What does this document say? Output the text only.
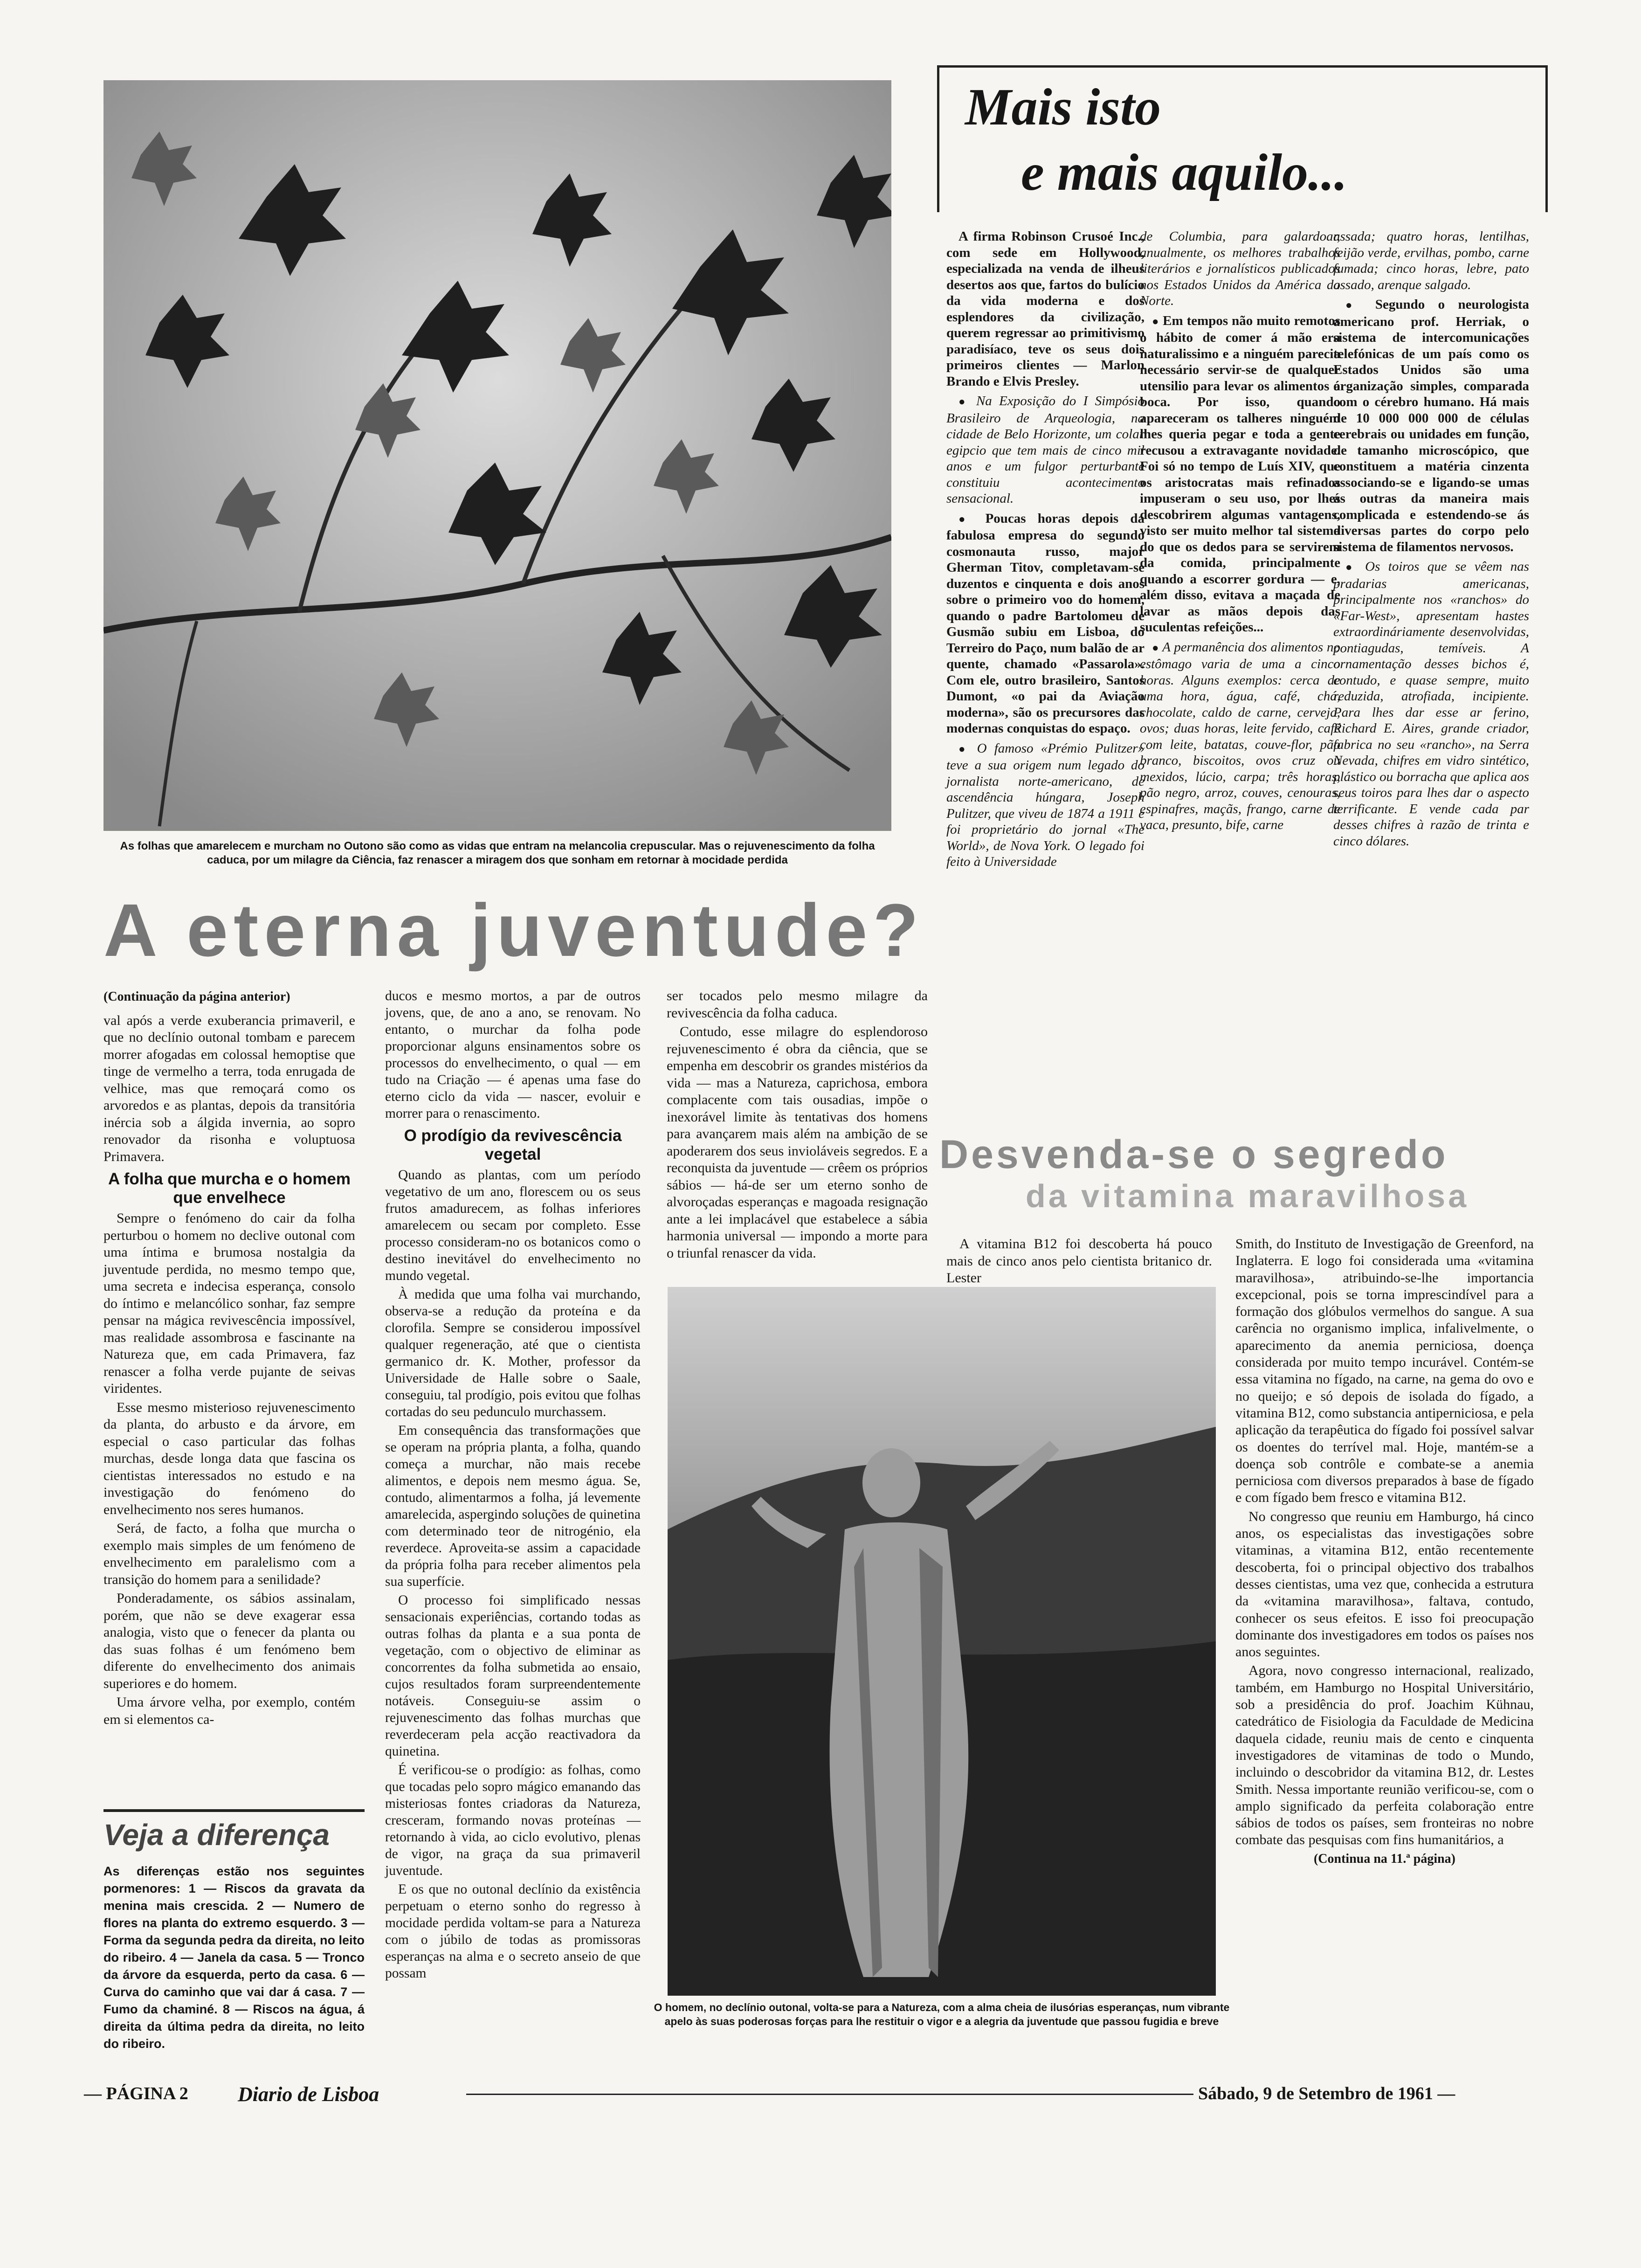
As folhas que amarelecem e murcham no Outono são como as vidas que entram na melancolia crepuscular. Mas o rejuvenescimento da folha caduca, por um milagre da Ciência, faz renascer a miragem dos que sonham em retornar à mocidade perdida
A eterna juventude?
(Continuação da página anterior)

val após a verde exuberancia primaveril, e que no declínio outonal tombam e parecem morrer afogadas em colossal hemoptise que tinge de vermelho a terra, toda enrugada de velhice, mas que remoçará como os arvoredos e as plantas, depois da transitória inércia sob a álgida invernia, ao sopro renovador da risonha e voluptuosa Primavera.

A folha que murcha e o homem que envelhece

Sempre o fenómeno do cair da folha perturbou o homem no declive outonal com uma íntima e brumosa nostalgia da juventude perdida, no mesmo tempo que, uma secreta e indecisa esperança, consolo do íntimo e melancólico sonhar, faz sempre pensar na mágica revivescência impossível, mas realidade assombrosa e fascinante na Natureza que, em cada Primavera, faz renascer a folha verde pujante de seivas viridentes.

Esse mesmo misterioso rejuvenescimento da planta, do arbusto e da árvore, em especial o caso particular das folhas murchas, desde longa data que fascina os cientistas interessados no estudo e na investigação do fenómeno do envelhecimento nos seres humanos.

Será, de facto, a folha que murcha o exemplo mais simples de um fenómeno de envelhecimento em paralelismo com a transição do homem para a senilidade?

Ponderadamente, os sábios assinalam, porém, que não se deve exagerar essa analogia, visto que o fenecer da planta ou das suas folhas é um fenómeno bem diferente do envelhecimento dos animais superiores e do homem.

Uma árvore velha, por exemplo, contém em si elementos ca-

ducos e mesmo mortos, a par de outros jovens, que, de ano a ano, se renovam. No entanto, o murchar da folha pode proporcionar alguns ensinamentos sobre os processos do envelhecimento, o qual — em tudo na Criação — é apenas uma fase do eterno ciclo da vida — nascer, evoluir e morrer para o renascimento.

O prodígio da revivescência vegetal

Quando as plantas, com um período vegetativo de um ano, florescem ou os seus frutos amadurecem, as folhas inferiores amarelecem ou secam por completo. Esse processo consideram-no os botanicos como o destino inevitável do envelhecimento no mundo vegetal.

À medida que uma folha vai murchando, observa-se a redução da proteína e da clorofila. Sempre se considerou impossível qualquer regeneração, até que o cientista germanico dr. K. Mother, professor da Universidade de Halle sobre o Saale, conseguiu, tal prodígio, pois evitou que folhas cortadas do seu pedunculo murchassem.

Em consequência das transformações que se operam na própria planta, a folha, quando começa a murchar, não mais recebe alimentos, e depois nem mesmo água. Se, contudo, alimentarmos a folha, já levemente amarelecida, aspergindo soluções de quinetina com determinado teor de nitrogénio, ela reverdece. Aproveita-se assim a capacidade da própria folha para receber alimentos pela sua superfície.

O processo foi simplificado nessas sensacionais experiências, cortando todas as outras folhas da planta e a sua ponta de vegetação, com o objectivo de eliminar as concorrentes da folha submetida ao ensaio, cujos resultados foram surpreendentemente notáveis. Conseguiu-se assim o rejuvenescimento das folhas murchas que reverdeceram pela acção reactivadora da quinetina.

É verificou-se o prodígio: as folhas, como que tocadas pelo sopro mágico emanando das misteriosas fontes criadoras da Natureza, cresceram, formando novas proteínas — retornando à vida, ao ciclo evolutivo, plenas de vigor, na graça da sua primaveril juventude.

E os que no outonal declínio da existência perpetuam o eterno sonho do regresso à mocidade perdida voltam-se para a Natureza com o júbilo de todas as promissoras esperanças na alma e o secreto anseio de que possam

ser tocados pelo mesmo milagre da revivescência da folha caduca.

Contudo, esse milagre do esplendoroso rejuvenescimento é obra da ciência, que se empenha em descobrir os grandes mistérios da vida — mas a Natureza, caprichosa, embora complacente com tais ousadias, impõe o inexorável limite às tentativas dos homens para avançarem mais além na ambição de se apoderarem dos seus invioláveis segredos. E a reconquista da juventude — crêem os próprios sábios — há-de ser um eterno sonho de alvoroçadas esperanças e magoada resignação ante a lei implacável que estabelece a sábia harmonia universal — impondo a morte para o triunfal renascer da vida.

Veja a diferença
As diferenças estão nos seguintes pormenores: 1 — Riscos da gravata da menina mais crescida. 2 — Numero de flores na planta do extremo esquerdo. 3 — Forma da segunda pedra da direita, no leito do ribeiro. 4 — Janela da casa. 5 — Tronco da árvore da esquerda, perto da casa. 6 — Curva do caminho que vai dar á casa. 7 — Fumo da chaminé. 8 — Riscos na água, á direita da última pedra da direita, no leito do ribeiro.
Mais isto
e mais aquilo...

A firma Robinson Crusoé Inc., com sede em Hollywood, especializada na venda de ilheus desertos aos que, fartos do bulício da vida moderna e dos esplendores da civilização, querem regressar ao primitivismo paradisíaco, teve os seus dois primeiros clientes — Marlon Brando e Elvis Presley.

● Na Exposição do I Simpósio Brasileiro de Arqueologia, na cidade de Belo Horizonte, um colar egipcio que tem mais de cinco mil anos e um fulgor perturbante constituiu acontecimento sensacional.

● Poucas horas depois da fabulosa empresa do segundo cosmonauta russo, major Gherman Titov, completavam-se duzentos e cinquenta e dois anos sobre o primeiro voo do homem, quando o padre Bartolomeu de Gusmão subiu em Lisboa, do Terreiro do Paço, num balão de ar quente, chamado «Passarola». Com ele, outro brasileiro, Santos Dumont, «o pai da Aviação moderna», são os precursores das modernas conquistas do espaço.

● O famoso «Prémio Pulitzer» teve a sua origem num legado do jornalista norte-americano, de ascendência húngara, Joseph Pulitzer, que viveu de 1874 a 1911 e foi proprietário do jornal «The World», de Nova York. O legado foi feito à Universidade

de Columbia, para galardoar, anualmente, os melhores trabalhos literários e jornalísticos publicados nos Estados Unidos da América do Norte.

● Em tempos não muito remotos o hábito de comer á mão era naturalissimo e a ninguém parecia necessário servir-se de qualquer utensilio para levar os alimentos á boca. Por isso, quando apareceram os talheres ninguém lhes queria pegar e toda a gente recusou a extravagante novidade. Foi só no tempo de Luís XIV, que os aristocratas mais refinados impuseram o seu uso, por lhes descobrirem algumas vantagens, visto ser muito melhor tal sistema do que os dedos para se servirem da comida, principalmente quando a escorrer gordura — e, além disso, evitava a maçada de lavar as mãos depois das suculentas refeições...

● A permanência dos alimentos no estômago varia de uma a cinco horas. Alguns exemplos: cerca de uma hora, água, café, chá, chocolate, caldo de carne, cerveja, ovos; duas horas, leite fervido, café com leite, batatas, couve-flor, pão branco, biscoitos, ovos cruz ou mexidos, lúcio, carpa; três horas, pão negro, arroz, couves, cenouras, espinafres, maçãs, frango, carne de vaca, presunto, bife, carne

assada; quatro horas, lentilhas, feijão verde, ervilhas, pombo, carne fumada; cinco horas, lebre, pato assado, arenque salgado.

● Segundo o neurologista americano prof. Herriak, o sistema de intercomunicações telefónicas de um país como os Estados Unidos são uma organização simples, comparada com o cérebro humano. Há mais de 10 000 000 000 de células cerebrais ou unidades em função, de tamanho microscópico, que constituem a matéria cinzenta associando-se e ligando-se umas ás outras da maneira mais complicada e estendendo-se ás diversas partes do corpo pelo sistema de filamentos nervosos.

● Os toiros que se vêem nas pradarias americanas, principalmente nos «ranchos» do «Far-West», apresentam hastes extraordináriamente desenvolvidas, pontiagudas, temíveis. A ornamentação desses bichos é, contudo, e quase sempre, muito reduzida, atrofiada, incipiente. Para lhes dar esse ar ferino, Richard E. Aires, grande criador, fabrica no seu «rancho», na Serra Nevada, chifres em vidro sintético, plástico ou borracha que aplica aos seus toiros para lhes dar o aspecto terrificante. E vende cada par desses chifres à razão de trinta e cinco dólares.

Desvenda-se o segredo
da vitamina maravilhosa

A vitamina B12 foi descoberta há pouco mais de cinco anos pelo cientista britanico dr. Lester

Smith, do Instituto de Investigação de Greenford, na Inglaterra. E logo foi considerada uma «vitamina maravilhosa», atribuindo-se-lhe importancia excepcional, pois se torna imprescindível para a formação dos glóbulos vermelhos do sangue. A sua carência no organismo implica, infalivelmente, o aparecimento da anemia perniciosa, doença considerada por muito tempo incurável. Contém-se essa vitamina no fígado, na carne, na gema do ovo e no queijo; e só depois de isolada do fígado, a vitamina B12, como substancia antiperniciosa, e pela aplicação da terapêutica do fígado foi possível salvar os doentes do terrível mal. Hoje, mantém-se a doença sob contrôle e combate-se a anemia perniciosa com diversos preparados à base de fígado e com fígado bem fresco e vitamina B12.

No congresso que reuniu em Hamburgo, há cinco anos, os especialistas das investigações sobre vitaminas, a vitamina B12, então recentemente descoberta, foi o principal objectivo dos trabalhos desses cientistas, uma vez que, conhecida a estrutura da «vitamina maravilhosa», faltava, contudo, conhecer os seus efeitos. E isso foi preocupação dominante dos investigadores em todos os países nos anos seguintes.

Agora, novo congresso internacional, realizado, também, em Hamburgo no Hospital Universitário, sob a presidência do prof. Joachim Kühnau, catedrático de Fisiologia da Faculdade de Medicina daquela cidade, reuniu mais de cento e cinquenta investigadores de vitaminas de todo o Mundo, incluindo o descobridor da vitamina B12, dr. Lestes Smith. Nessa importante reunião verificou-se, com o amplo significado da perfeita colaboração entre sábios de todos os países, sem fronteiras no nobre combate das pesquisas com fins humanitários, a

(Continua na 11.ª página)
O homem, no declínio outonal, volta-se para a Natureza, com a alma cheia de ilusórias esperanças, num vibrante apelo às suas poderosas forças para lhe restituir o vigor e a alegria da juventude que passou fugidia e breve
— PÁGINA 2 Diario de Lisboa	Sábado, 9 de Setembro de 1961 —
